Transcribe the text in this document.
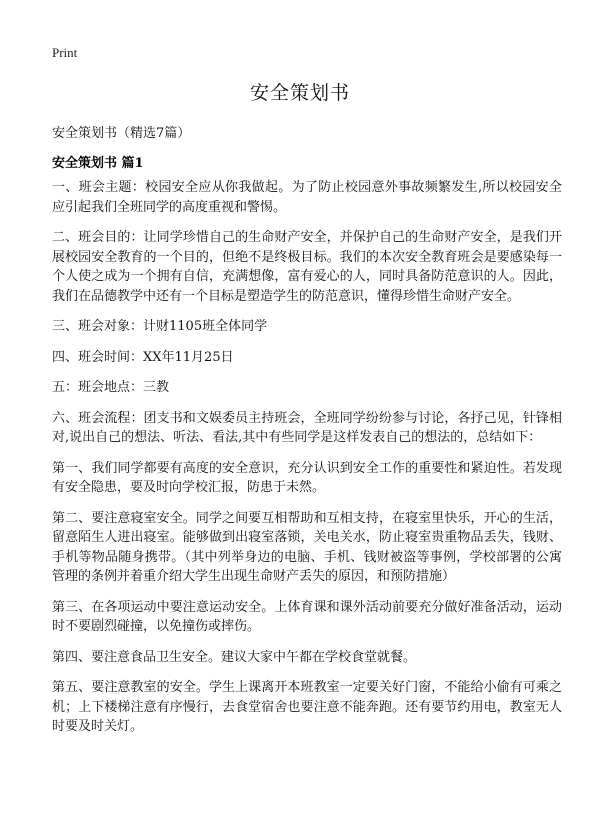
Print
安全策划书
安全策划书（精选7篇）
安全策划书 篇1

一、班会主题：校园安全应从你我做起。为了防止校园意外事故频繁发生,所以校园安全应引起我们全班同学的高度重视和警惕。

二、班会目的：让同学珍惜自己的生命财产安全，并保护自己的生命财产安全，是我们开展校园安全教育的一个目的，但绝不是终极目标。我们的本次安全教育班会是要感染每一个人使之成为一个拥有自信，充满想像，富有爱心的人，同时具备防范意识的人。因此，我们在品德教学中还有一个目标是塑造学生的防范意识，懂得珍惜生命财产安全。

三、班会对象：计财1105班全体同学

四、班会时间：XX年11月25日

五：班会地点：三教

六、班会流程：团支书和文娱委员主持班会，全班同学纷纷参与讨论，各抒己见，针锋相对,说出自己的想法、听法、看法,其中有些同学是这样发表自己的想法的，总结如下：

第一、我们同学都要有高度的安全意识，充分认识到安全工作的重要性和紧迫性。若发现有安全隐患，要及时向学校汇报，防患于未然。

第二、要注意寝室安全。同学之间要互相帮助和互相支持，在寝室里快乐，开心的生活，留意陌生人进出寝室。能够做到出寝室落锁，关电关水，防止寝室贵重物品丢失，钱财、手机等物品随身携带。（其中列举身边的电脑、手机、钱财被盗等事例，学校部署的公寓管理的条例并着重介绍大学生出现生命财产丢失的原因，和预防措施）

第三、在各项运动中要注意运动安全。上体育课和课外活动前要充分做好准备活动，运动时不要剧烈碰撞，以免撞伤或摔伤。

第四、要注意食品卫生安全。建议大家中午都在学校食堂就餐。

第五、要注意教室的安全。学生上课离开本班教室一定要关好门窗，不能给小偷有可乘之机；上下楼梯注意有序慢行，去食堂宿舍也要注意不能奔跑。还有要节约用电，教室无人时要及时关灯。
